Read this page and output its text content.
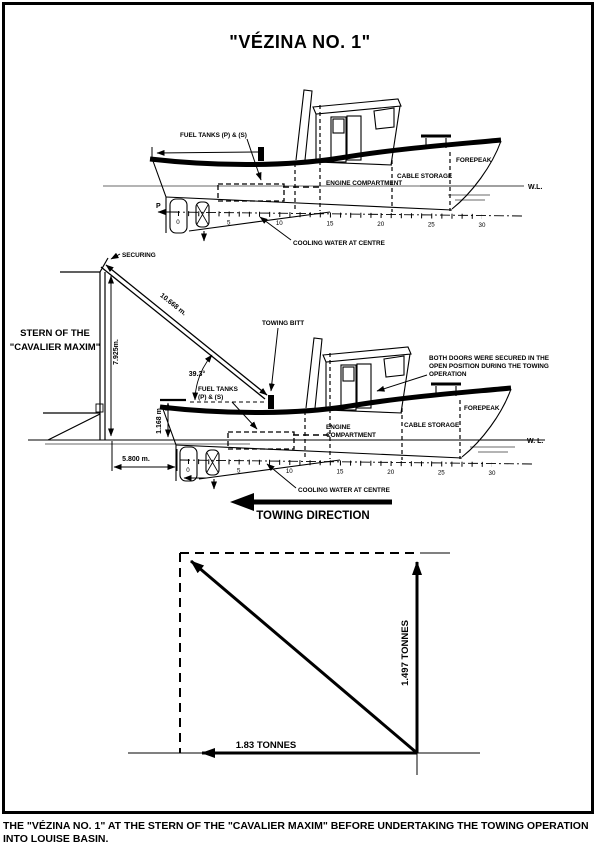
"VÉZINA NO. 1"
FUEL TANKS (P) & (S)
ENGINE COMPARTMENT
CABLE STORAGE
FOREPEAK
W.L.
P
COOLING WATER AT CENTRE
SECURING
10.668 m.
STERN OF THE
"CAVALIER MAXIM" 7.925m.
39.3°
TOWING BITT
FUEL TANKS
(P) & (S)
BOTH DOORS WERE SECURED IN THE
OPEN POSITION DURING THE TOWING
OPERATION
FOREPEAK
CABLE STORAGE
ENGINE
COMPARTMENT
W. L.
1.168 m.
5.800 m.
COOLING WATER AT CENTRE
TOWING DIRECTION
1.497 TONNES
1.83 TONNES
THE "VÉZINA NO. 1" AT THE STERN OF THE "CAVALIER MAXIM" BEFORE UNDERTAKING THE TOWING OPERATION INTO LOUISE BASIN.
